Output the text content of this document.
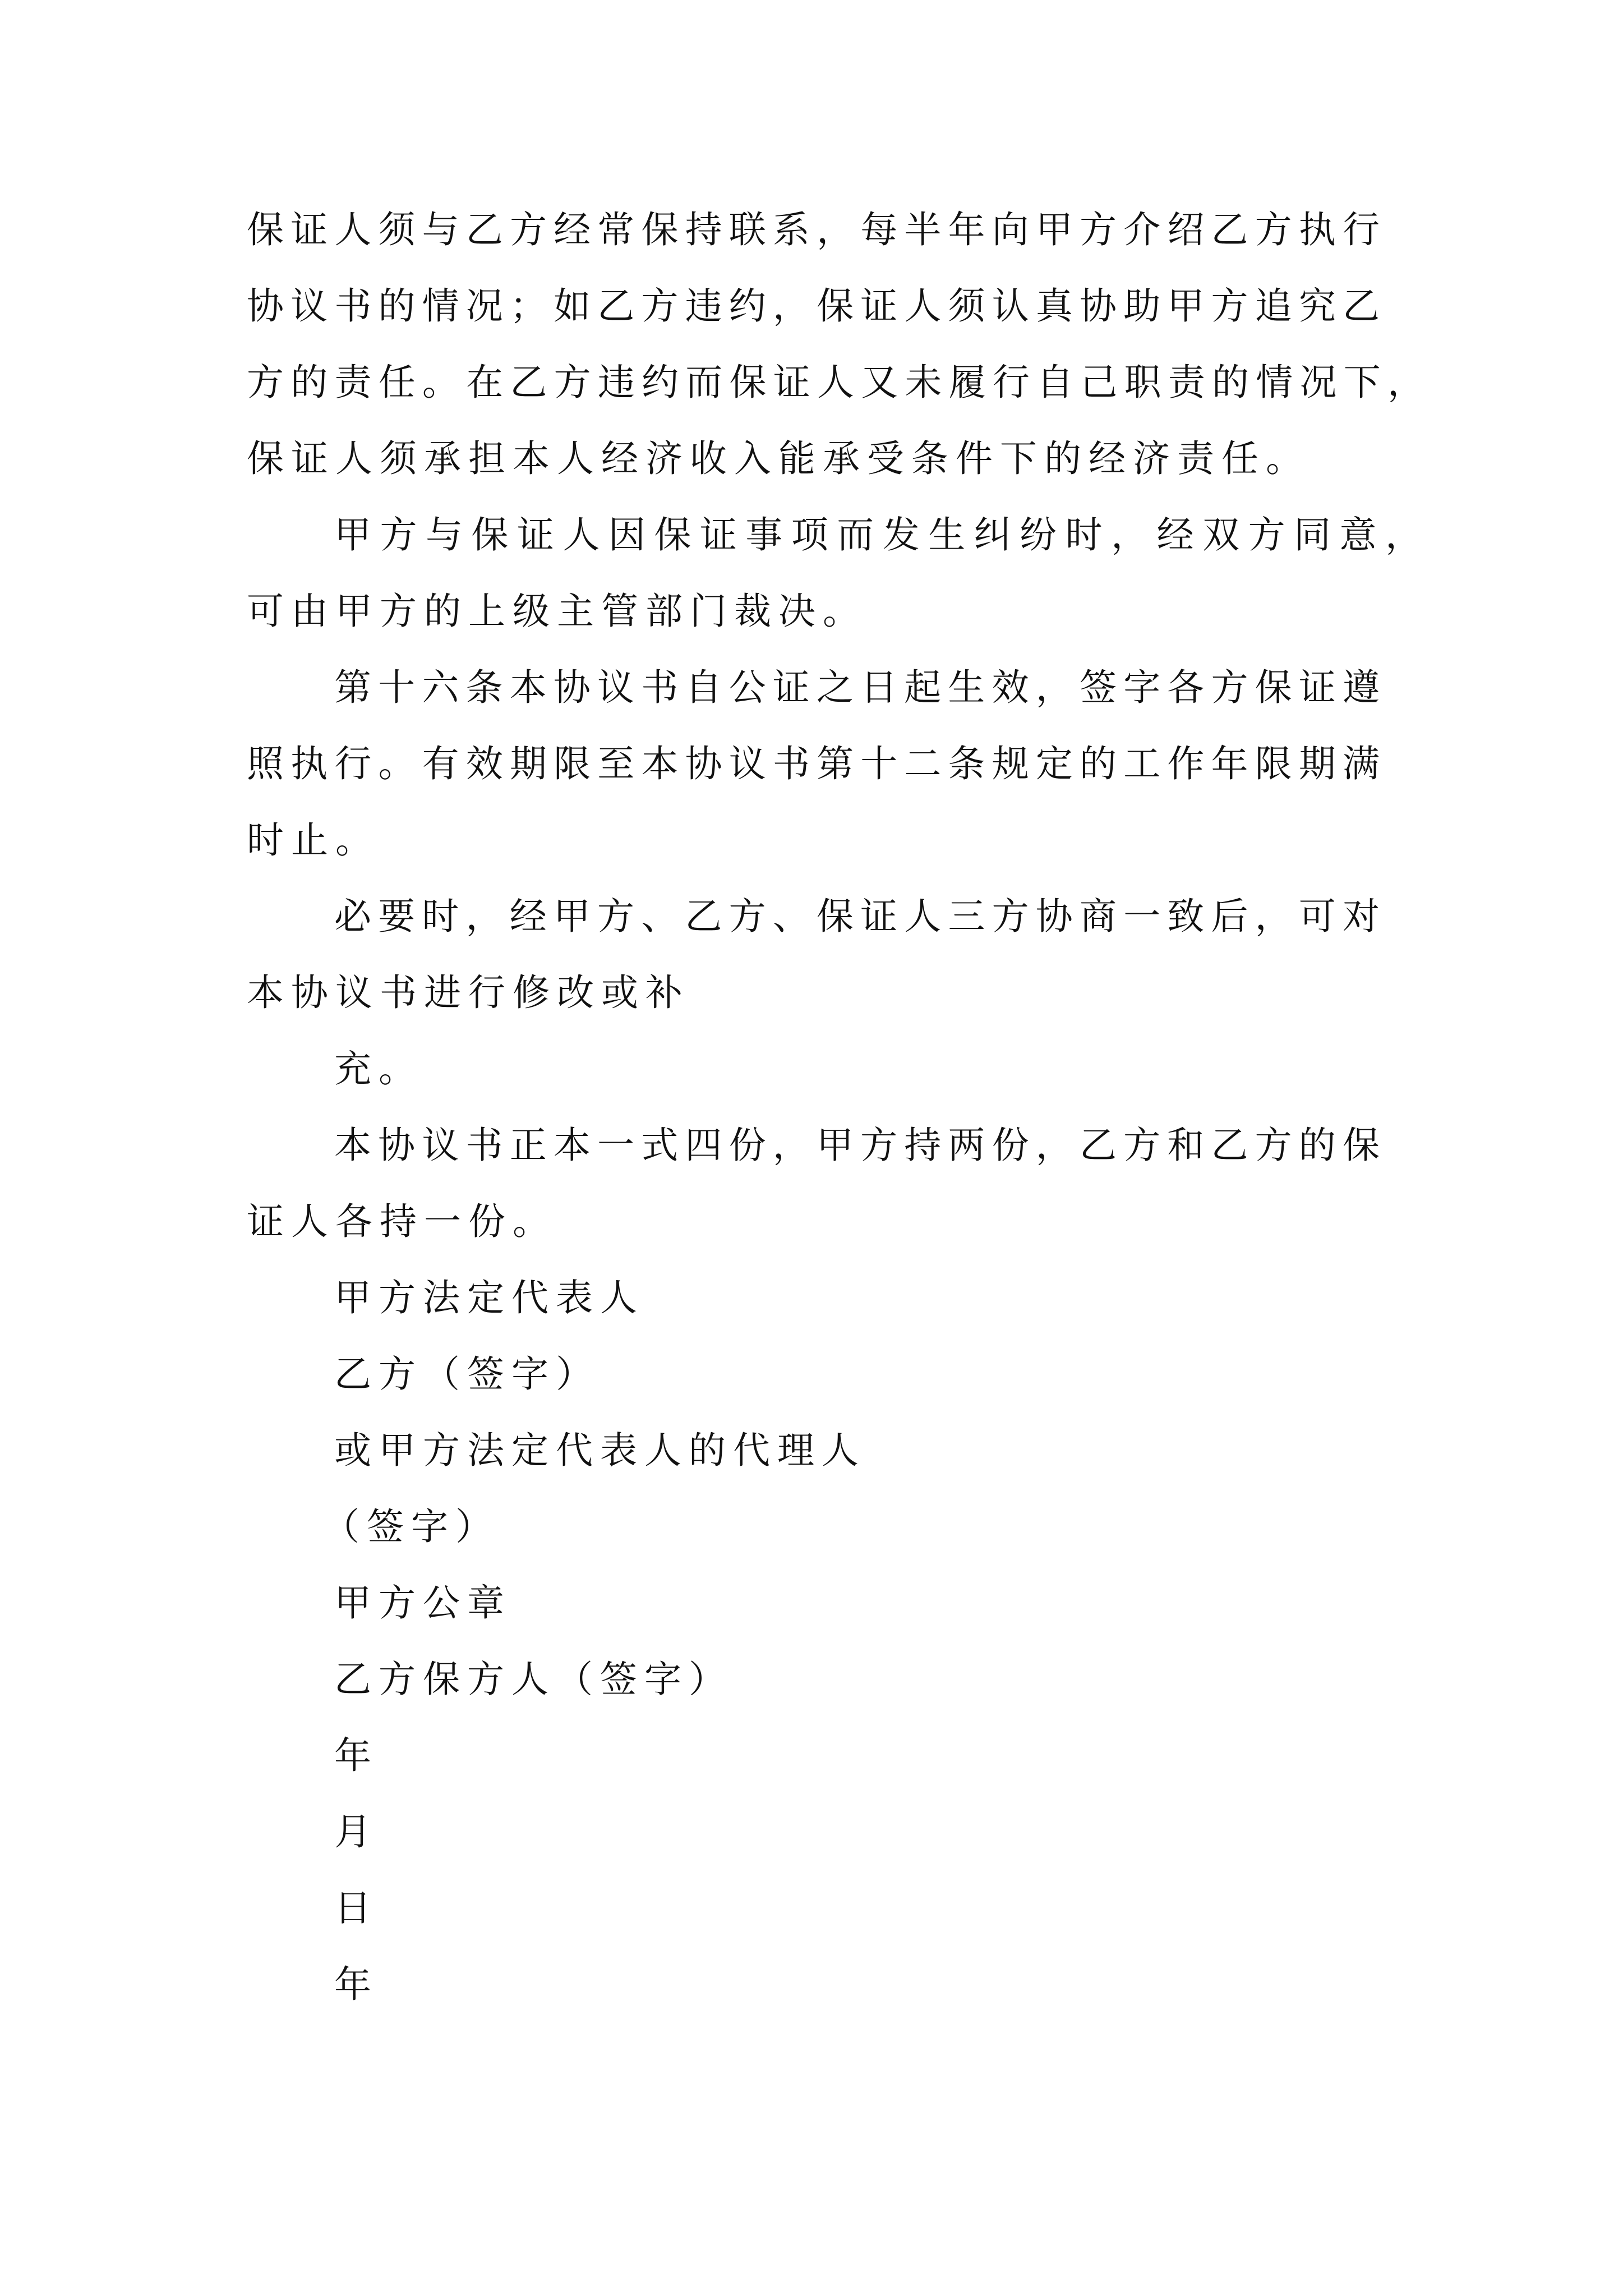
保证人须与乙方经常保持联系，每半年向甲方介绍乙方执行
协议书的情况；如乙方违约，保证人须认真协助甲方追究乙
方的责任。在乙方违约而保证人又未履行自己职责的情况下，
保证人须承担本人经济收入能承受条件下的经济责任。
甲方与保证人因保证事项而发生纠纷时，经双方同意，
可由甲方的上级主管部门裁决。
第十六条本协议书自公证之日起生效，签字各方保证遵
照执行。有效期限至本协议书第十二条规定的工作年限期满
时止。
必要时，经甲方、乙方、保证人三方协商一致后，可对
本协议书进行修改或补
充。
本协议书正本一式四份，甲方持两份，乙方和乙方的保
证人各持一份。
甲方法定代表人
乙方（签字）
或甲方法定代表人的代理人
（签字）
甲方公章
乙方保方人（签字）
年
月
日
年
